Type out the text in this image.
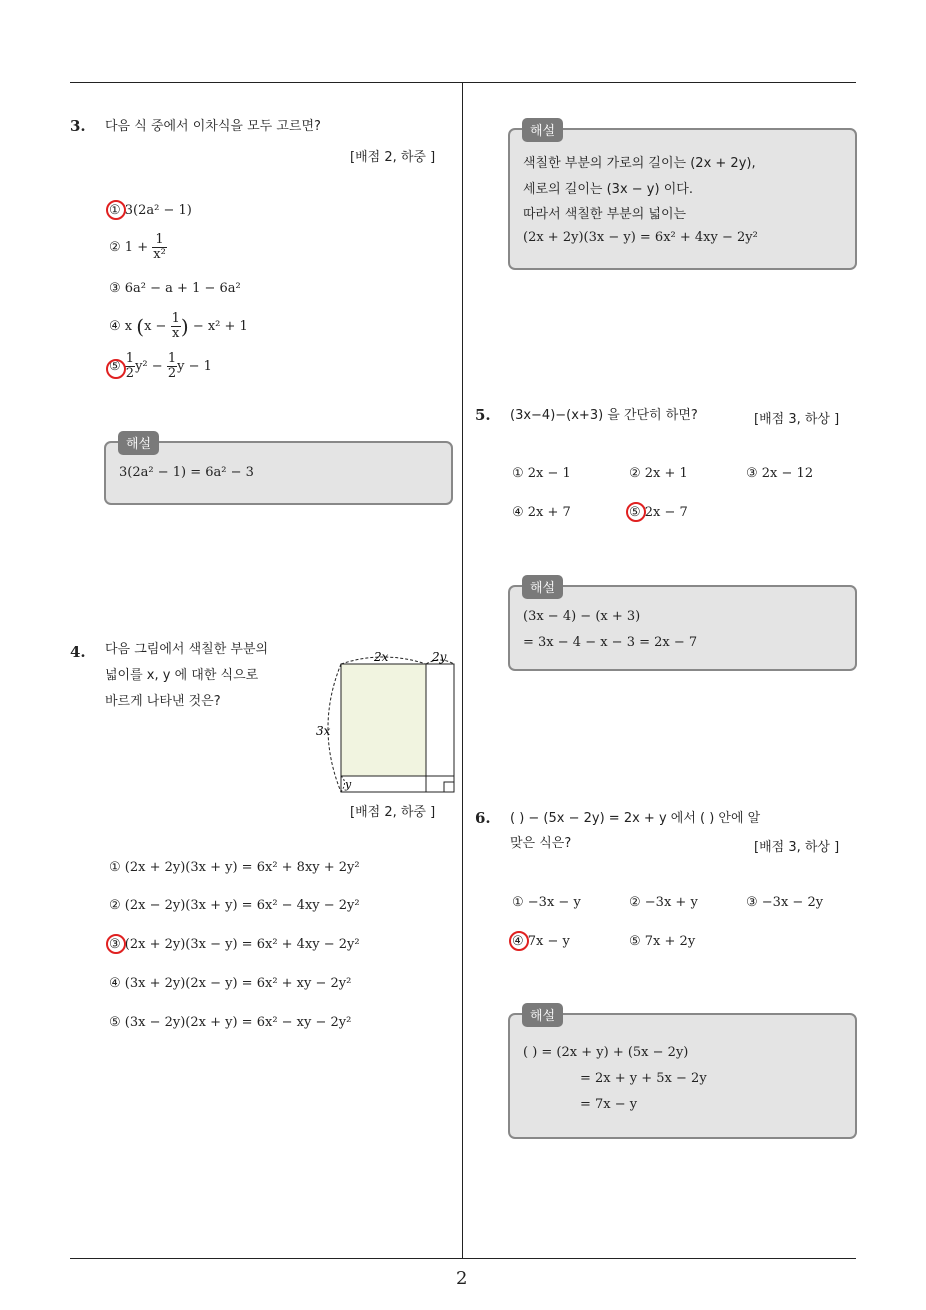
3. 다음 식 중에서 이차식을 모두 고르면?
[배점 2, 하중 ]
① 3(2a² − 1)
② $1 + \frac{1}{\text{x²}}$
③ 6a² − a + 1 − 6a²
④ x ($x - \frac{1}{x}$ ) − x² + 1
⑤ $\frac{1}{2} y^2 - \frac{1}{2}$ y − 1
해설
3(2a² − 1) = 6a² − 3
4. 다음 그림에서 색칠한 부분의
넓이를 x, y 에 대한 식으로
바르게 나타낸 것은?
2x	2y
3x
y
[배점 2, 하중 ]
① (2x + 2y)(3x + y) = 6x² + 8xy + 2y²
② (2x − 2y)(3x + y) = 6x² − 4xy − 2y²
③ (2x + 2y)(3x − y) = 6x² + 4xy − 2y²
④ (3x + 2y)(2x − y) = 6x² + xy − 2y²
⑤ (3x − 2y)(2x + y) = 6x² − xy − 2y²
해설
색칠한 부분의 가로의 길이는 (2x + 2y),
세로의 길이는 (3x − y) 이다.
따라서 색칠한 부분의 넓이는
(2x + 2y)(3x − y) = 6x² + 4xy − 2y²
5. (3x−4)−(x+3) 을 간단히 하면?	[배점 3, 하상 ]
① 2x − 1	② 2x + 1	③ 2x − 12
④ 2x + 7	⑤ 2x − 7
해설
(3x − 4) − (x + 3)
= 3x − 4 − x − 3 = 2x − 7
6. ( ) − (5x − 2y) = 2x + y 에서 ( ) 안에 알
맞은 식은?	[배점 3, 하상 ]
① −3x − y	② −3x + y	③ −3x − 2y
④ 7x − y	⑤ 7x + 2y
해설
( ) = (2x + y) + (5x − 2y)
= 2x + y + 5x − 2y
= 7x − y
2
